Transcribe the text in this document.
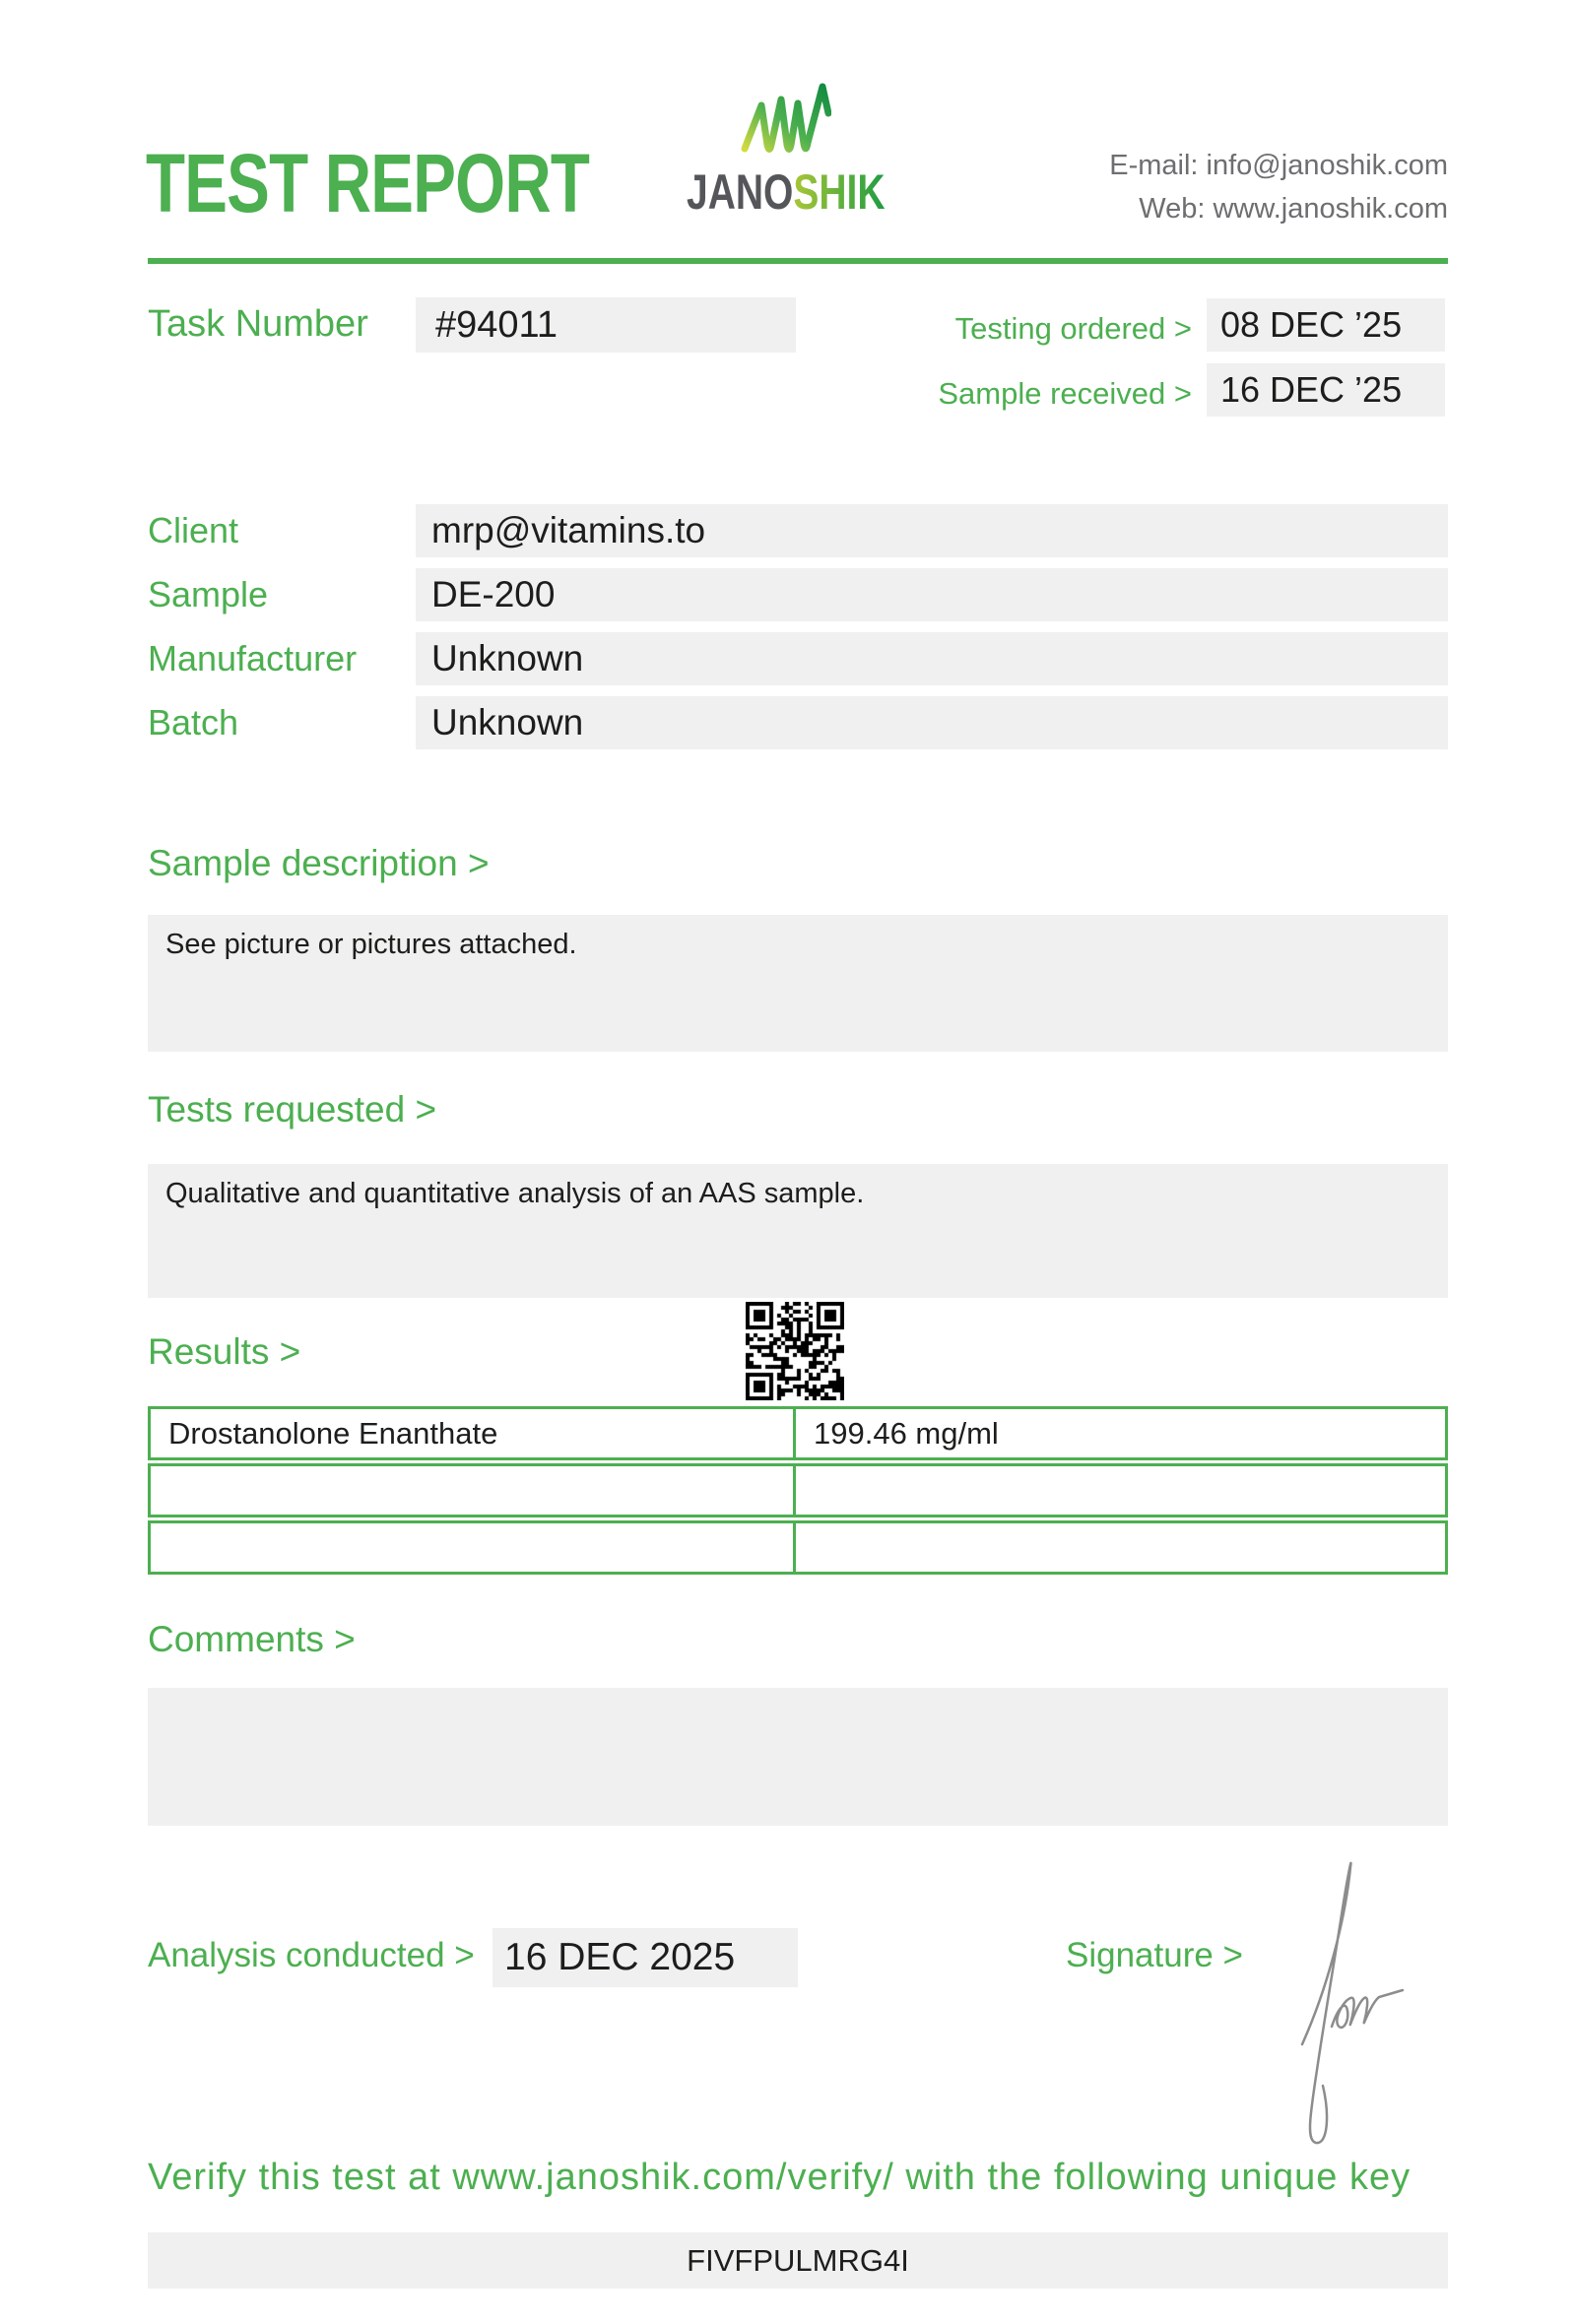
TEST REPORT JANOSHIK	E-mail: info@janoshik.com
Web: www.janoshik.com
Task Number	#94011	Testing ordered > 08 DEC ’25
Sample received > 16 DEC ’25
Client	mrp@vitamins.to
Sample	DE-200
Manufacturer	Unknown
Batch	Unknown
Sample description >
See picture or pictures attached.
Tests requested >
Qualitative and quantitative analysis of an AAS sample.
Results >
Drostanolone Enanthate	199.46 mg/ml
Comments >
Analysis conducted > 16 DEC 2025	Signature >
Verify this test at www.janoshik.com/verify/ with the following unique key
FIVFPULMRG4I
